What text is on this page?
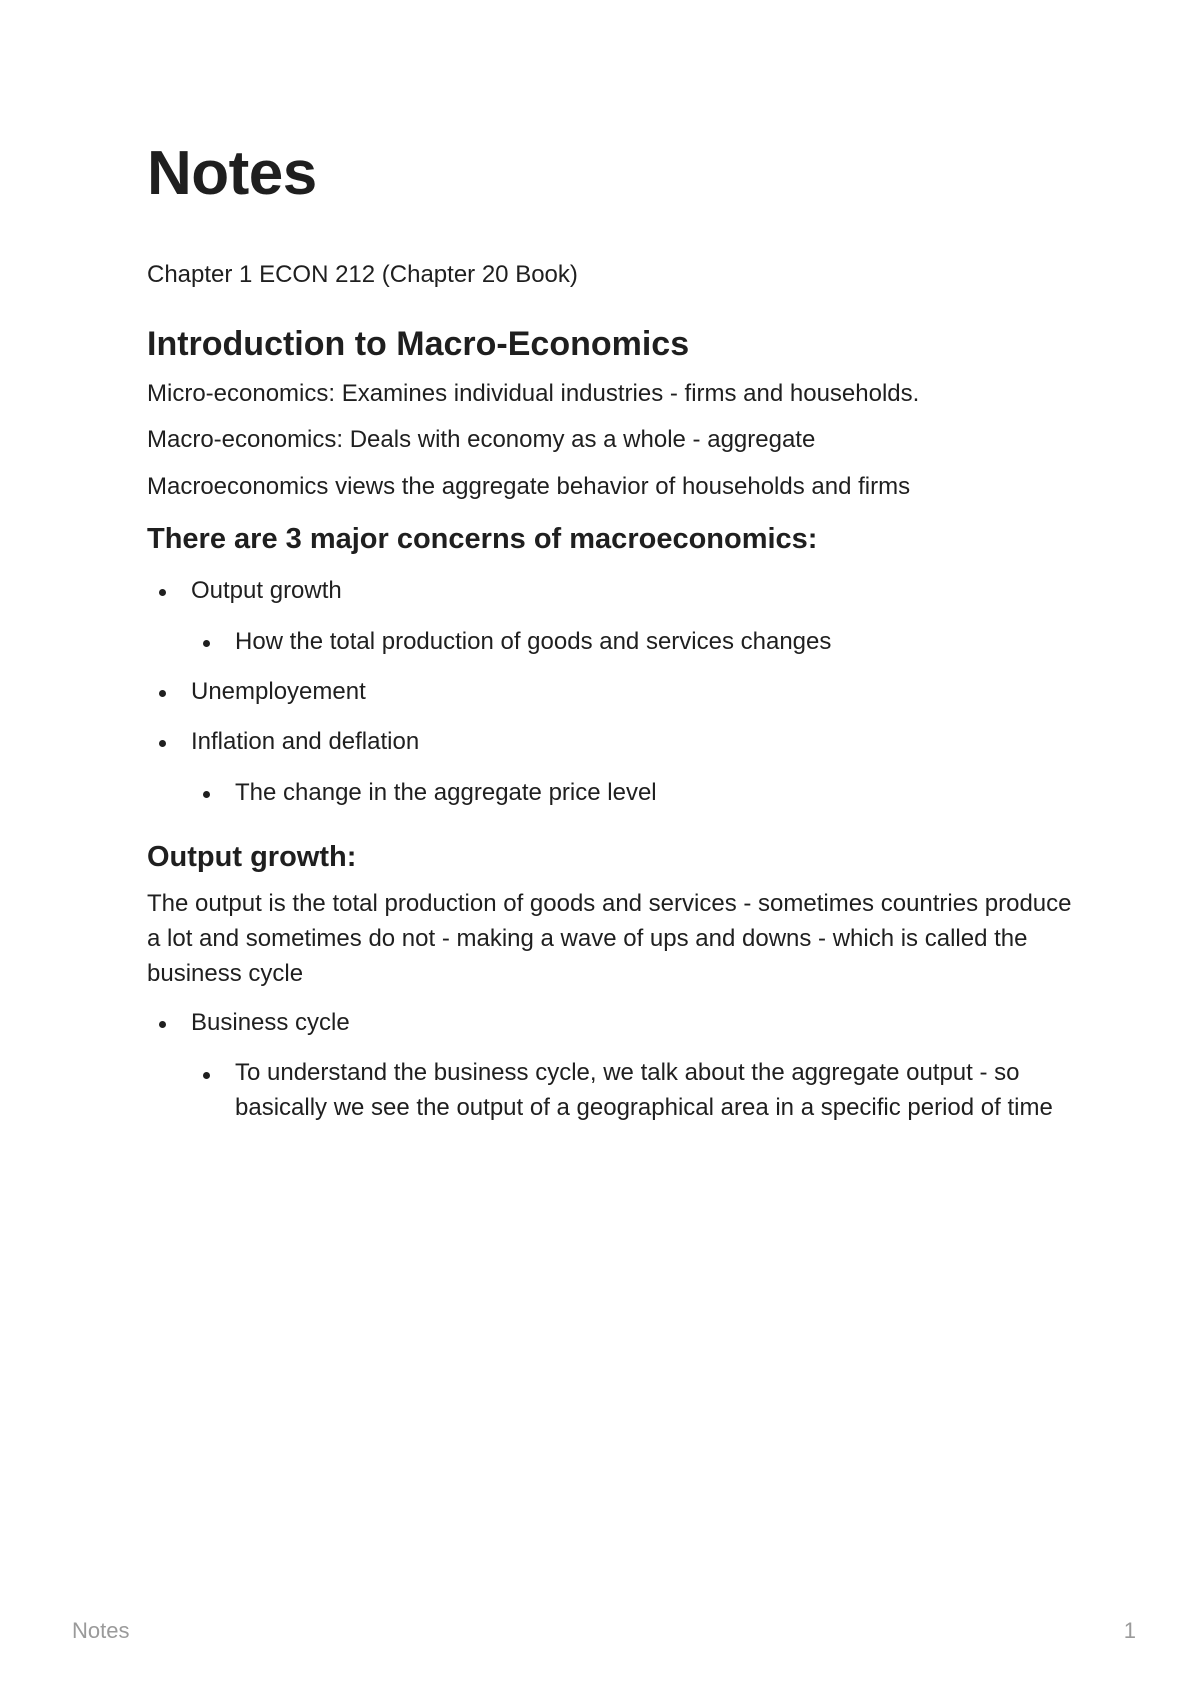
Notes

Chapter 1 ECON 212 (Chapter 20 Book)

Introduction to Macro-Economics

Micro-economics: Examines individual industries - firms and households.

Macro-economics: Deals with economy as a whole - aggregate

Macroeconomics views the aggregate behavior of households and firms

There are 3 major concerns of macroeconomics:
Output growth
How the total production of goods and services changes
Unemployement
Inflation and deflation
The change in the aggregate price level
Output growth:

The output is the total production of goods and services - sometimes countries produce a lot and sometimes do not - making a wave of ups and downs - which is called the business cycle

Business cycle
To understand the business cycle, we talk about the aggregate output - so basically we see the output of a geographical area in a specific period of time
Notes	1
